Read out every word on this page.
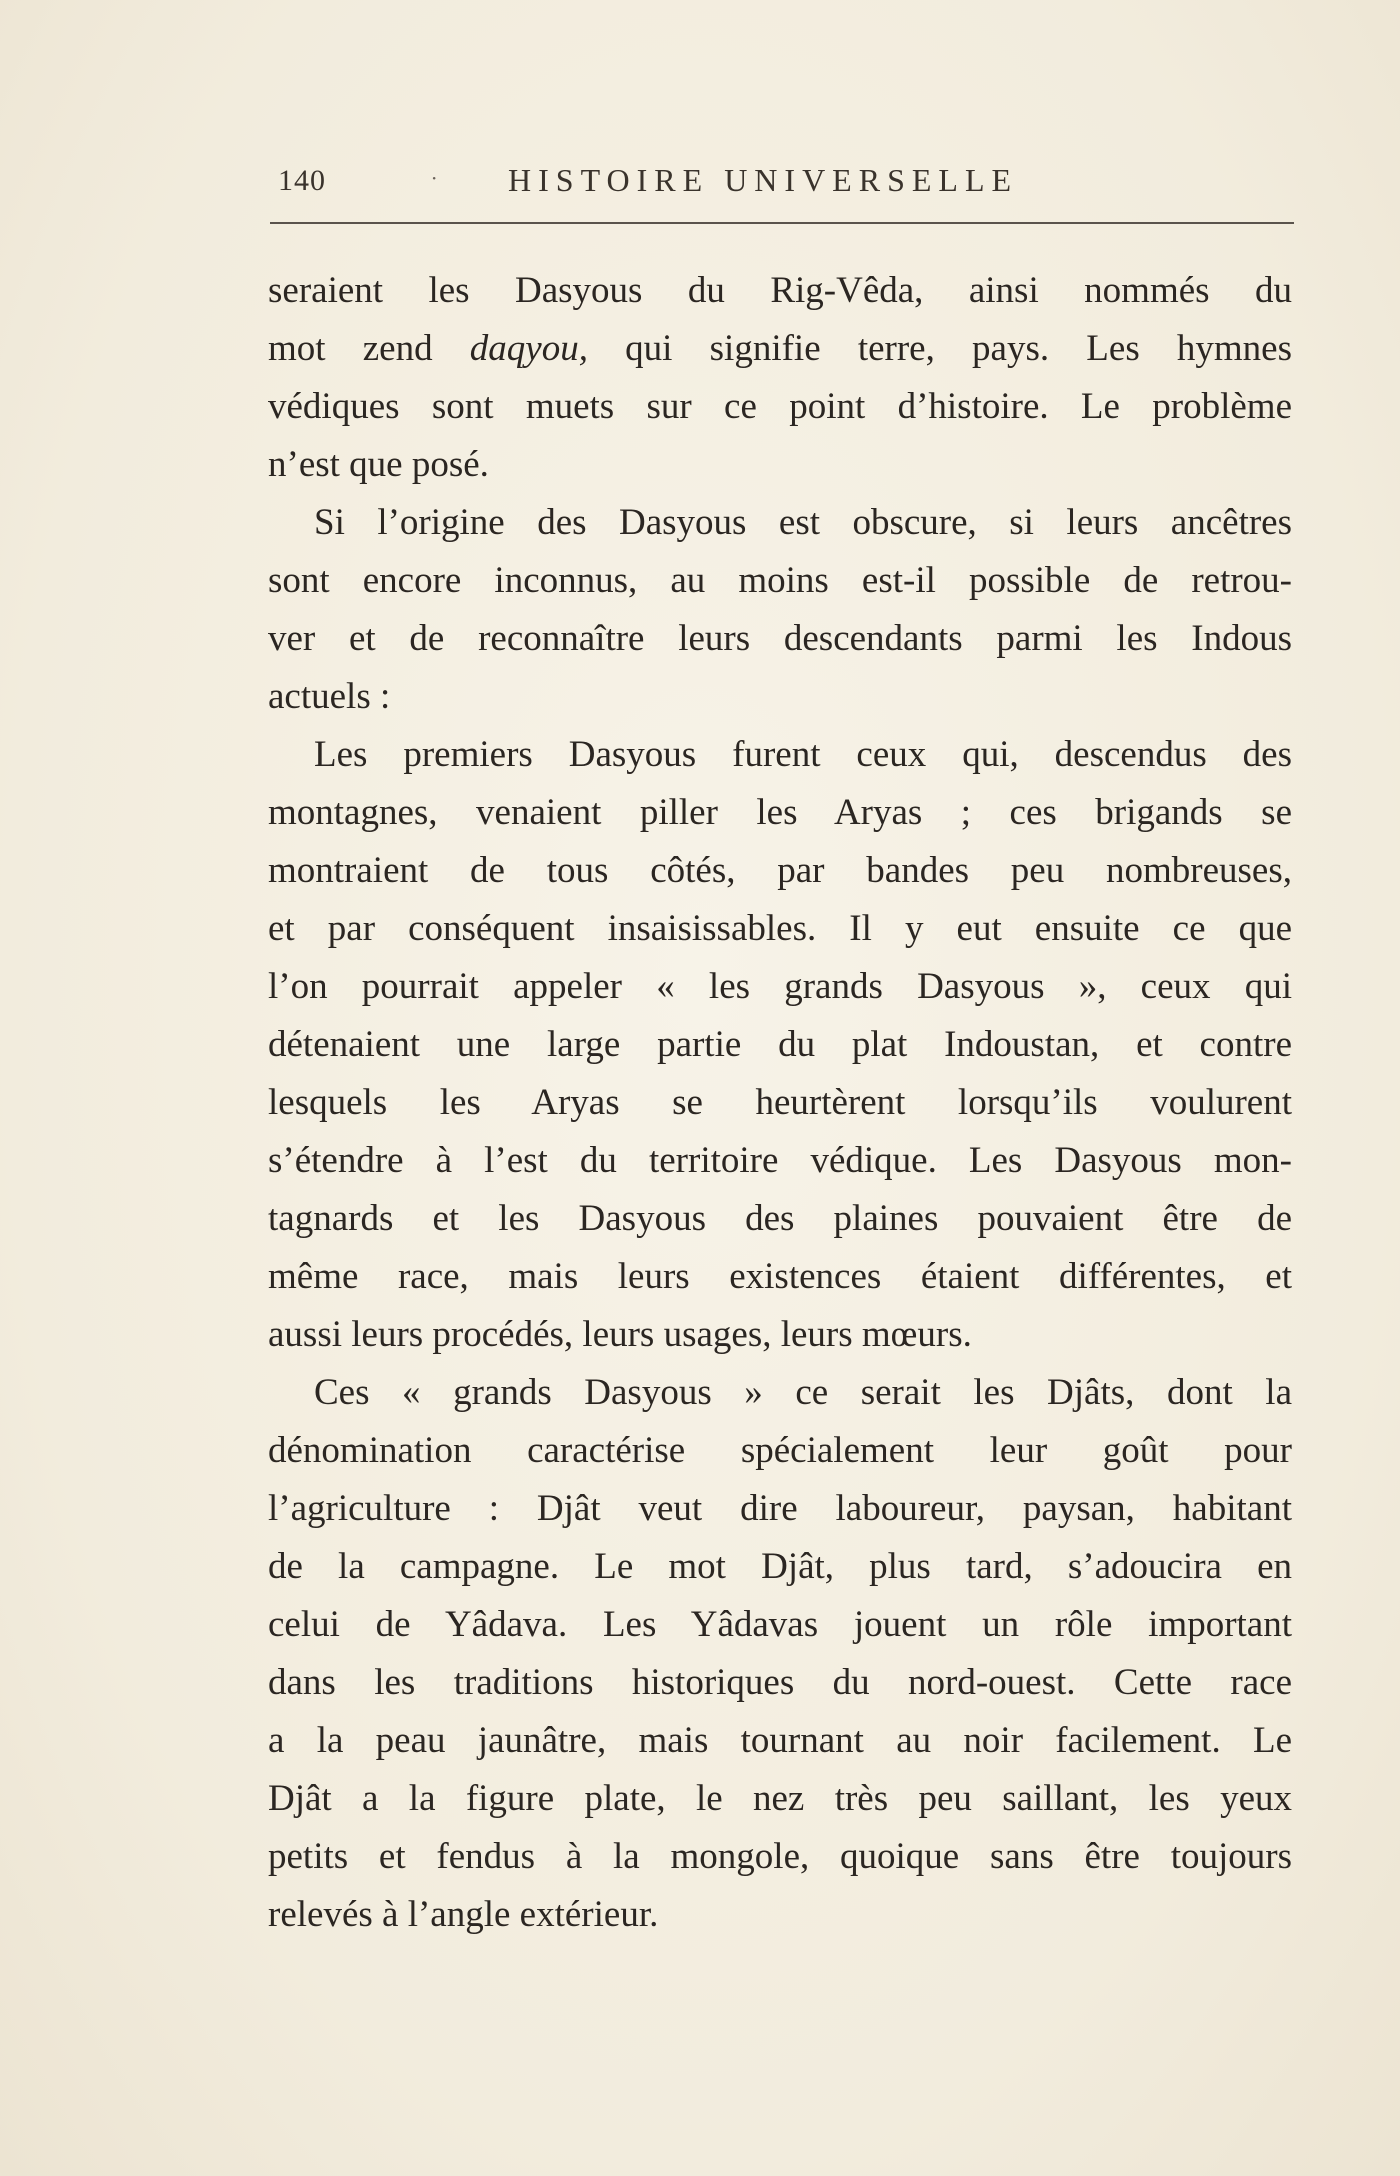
140	· HISTOIRE UNIVERSELLE
seraient les Dasyous du Rig-Vêda, ainsi nommés du
mot zend daqyou, qui signifie terre, pays. Les hymnes
védiques sont muets sur ce point d’histoire. Le problème
n’est que posé.
Si l’origine des Dasyous est obscure, si leurs ancêtres
sont encore inconnus, au moins est-il possible de retrou-
ver et de reconnaître leurs descendants parmi les Indous
actuels :
Les premiers Dasyous furent ceux qui, descendus des
montagnes, venaient piller les Aryas ; ces brigands se
montraient de tous côtés, par bandes peu nombreuses,
et par conséquent insaisissables. Il y eut ensuite ce que
l’on pourrait appeler « les grands Dasyous », ceux qui
détenaient une large partie du plat Indoustan, et contre
lesquels les Aryas se heurtèrent lorsqu’ils voulurent
s’étendre à l’est du territoire védique. Les Dasyous mon-
tagnards et les Dasyous des plaines pouvaient être de
même race, mais leurs existences étaient différentes, et
aussi leurs procédés, leurs usages, leurs mœurs.
Ces « grands Dasyous » ce serait les Djâts, dont la
dénomination caractérise spécialement leur goût pour
l’agriculture : Djât veut dire laboureur, paysan, habitant
de la campagne. Le mot Djât, plus tard, s’adoucira en
celui de Yâdava. Les Yâdavas jouent un rôle important
dans les traditions historiques du nord-ouest. Cette race
a la peau jaunâtre, mais tournant au noir facilement. Le
Djât a la figure plate, le nez très peu saillant, les yeux
petits et fendus à la mongole, quoique sans être toujours
relevés à l’angle extérieur.
